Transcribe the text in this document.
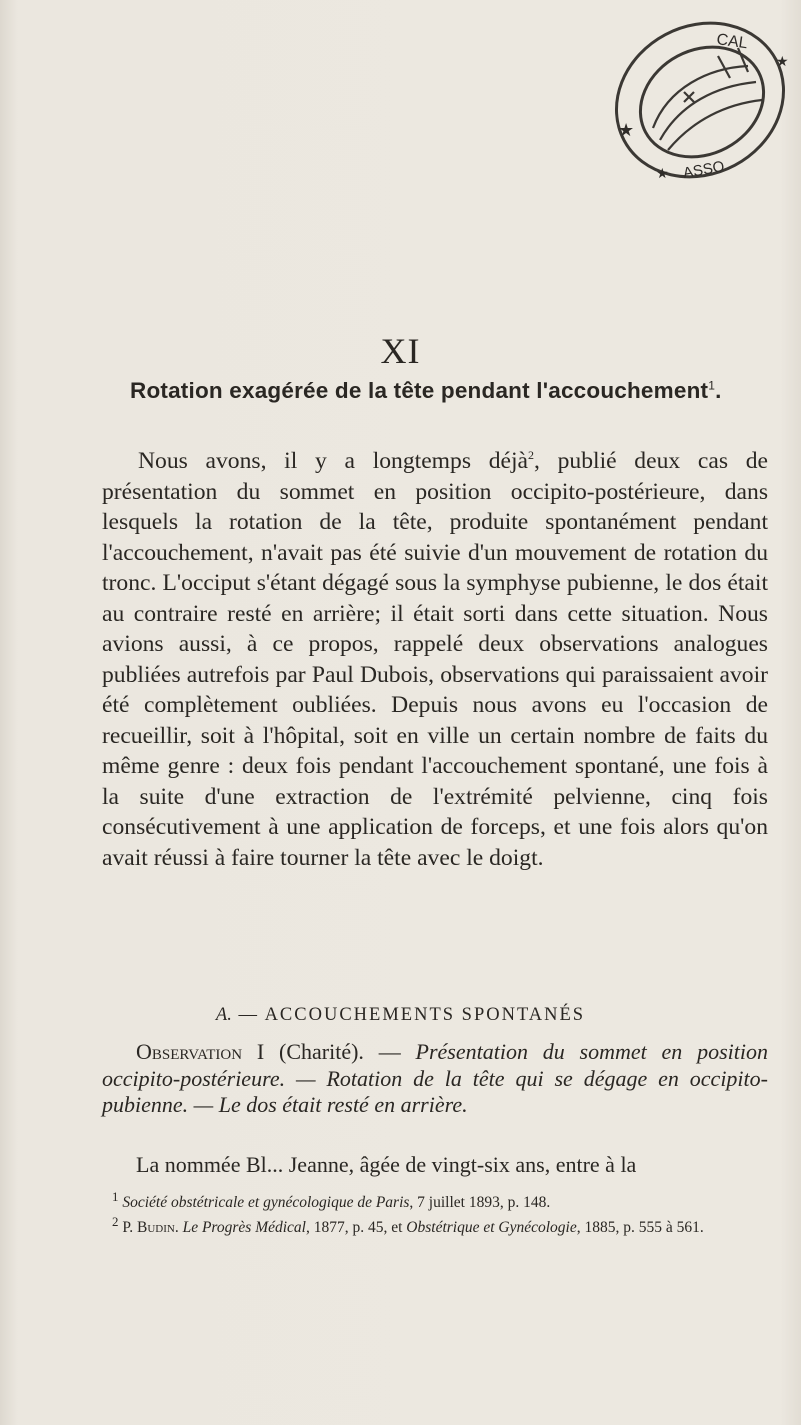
CAL
ASSO
★
★
★
XI
Rotation exagérée de la tête pendant l'accouchement$^1$.

Nous avons, il y a longtemps déjà$^2$, publié deux cas de présentation du sommet en position occipito-postérieure, dans lesquels la rotation de la tête, produite spontanément pendant l'accouchement, n'avait pas été suivie d'un mouvement de rotation du tronc. L'occiput s'étant dégagé sous la symphyse pubienne, le dos était au contraire resté en arrière; il était sorti dans cette situation. Nous avions aussi, à ce propos, rappelé deux observations analogues publiées autrefois par Paul Dubois, observations qui paraissaient avoir été complètement oubliées. Depuis nous avons eu l'occasion de recueillir, soit à l'hôpital, soit en ville un certain nombre de faits du même genre : deux fois pendant l'accouchement spontané, une fois à la suite d'une extraction de l'extrémité pelvienne, cinq fois consécutivement à une application de forceps, et une fois alors qu'on avait réussi à faire tourner la tête avec le doigt.

A. — ACCOUCHEMENTS SPONTANÉS

Observation I (Charité). — Présentation du sommet en position occipito-postérieure. — Rotation de la tête qui se dégage en occipito-pubienne. — Le dos était resté en arrière.

La nommée Bl... Jeanne, âgée de vingt-six ans, entre à la

$^1$ Société obstétricale et gynécologique de Paris, 7 juillet 1893, p. 148.

$^2$ P. Budin. Le Progrès Médical, 1877, p. 45, et Obstétrique et Gynécologie, 1885, p. 555 à 561.
